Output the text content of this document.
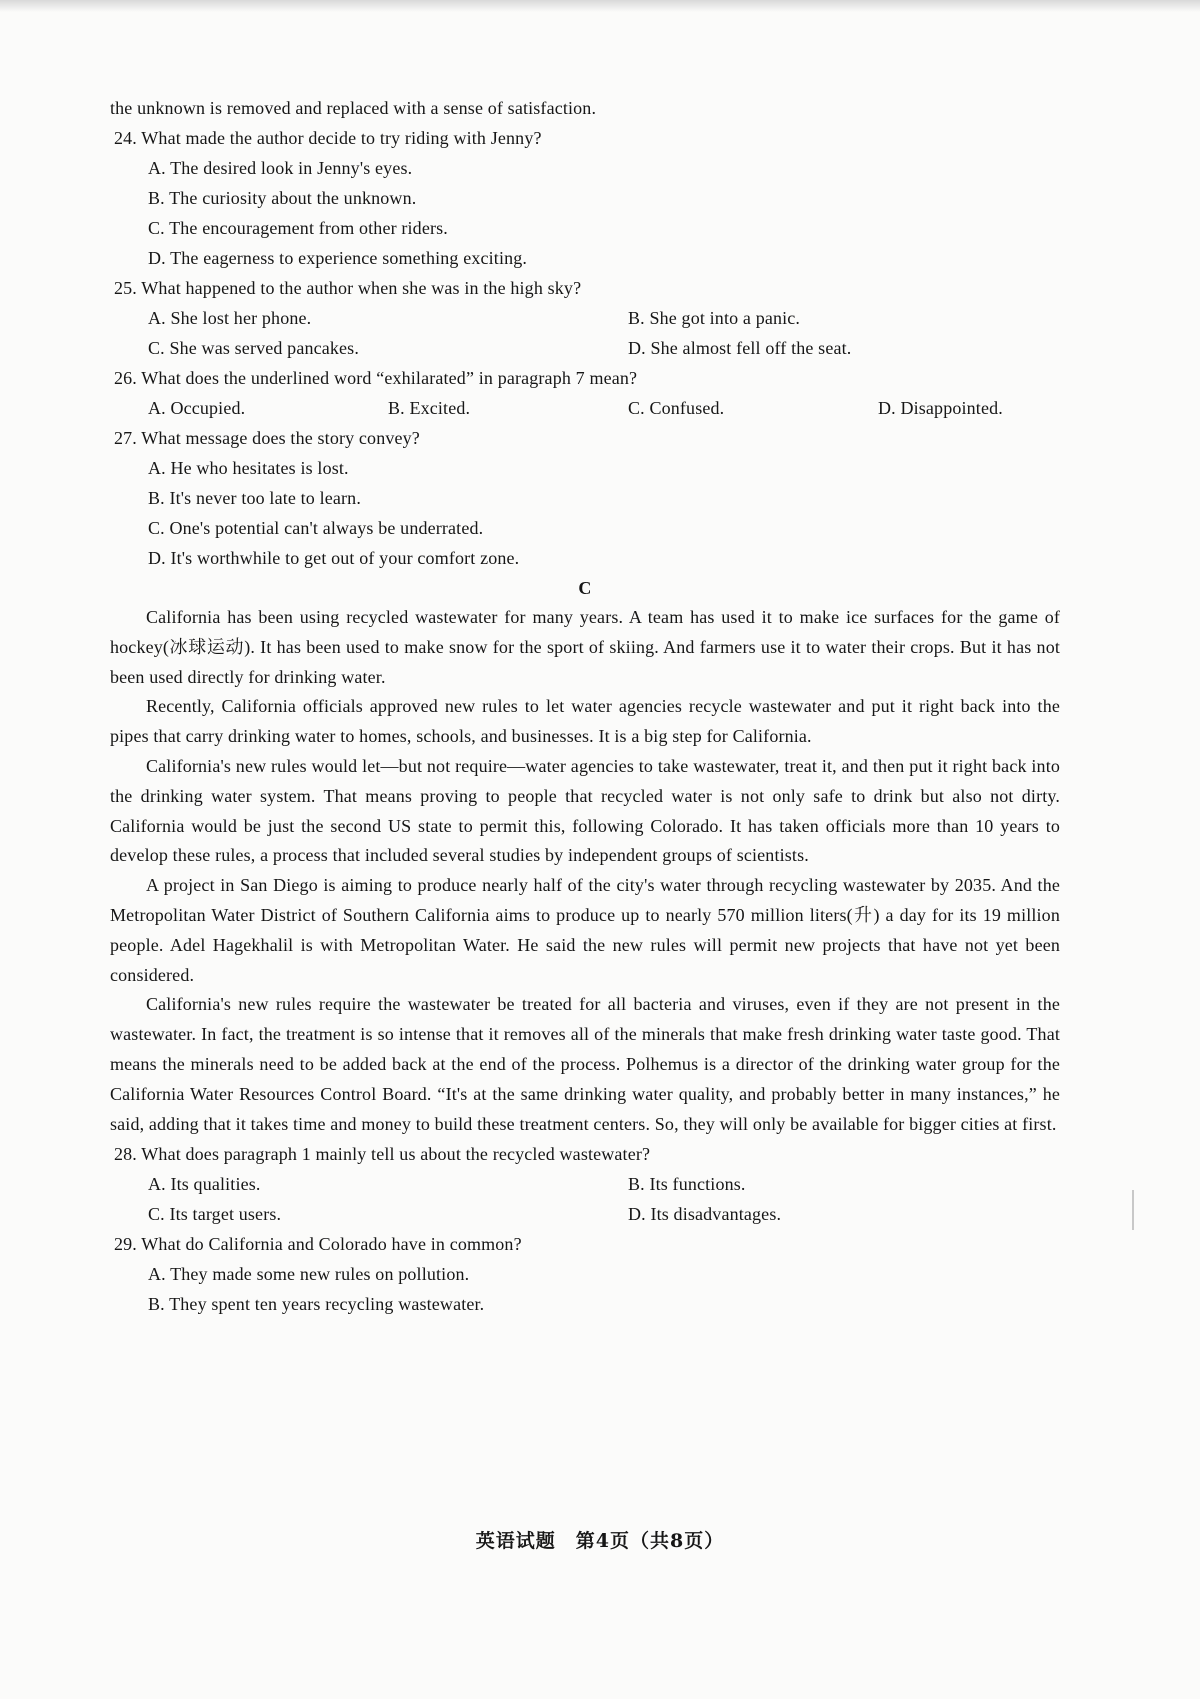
the unknown is removed and replaced with a sense of satisfaction.

24. What made the author decide to try riding with Jenny?

A. The desired look in Jenny's eyes.

B. The curiosity about the unknown.

C. The encouragement from other riders.

D. The eagerness to experience something exciting.

25. What happened to the author when she was in the high sky?

A. She lost her phone.	B. She got into a panic.
C. She was served pancakes.	D. She almost fell off the seat.

26. What does the underlined word “exhilarated” in paragraph 7 mean?

A. Occupied.	B. Excited.	C. Confused.	D. Disappointed.

27. What message does the story convey?

A. He who hesitates is lost.

B. It's never too late to learn.

C. One's potential can't always be underrated.

D. It's worthwhile to get out of your comfort zone.

C

California has been using recycled wastewater for many years. A team has used it to make ice surfaces for the game of hockey(冰球运动). It has been used to make snow for the sport of skiing. And farmers use it to water their crops. But it has not been used directly for drinking water.

Recently, California officials approved new rules to let water agencies recycle wastewater and put it right back into the pipes that carry drinking water to homes, schools, and businesses. It is a big step for California.

California's new rules would let—but not require—water agencies to take wastewater, treat it, and then put it right back into the drinking water system. That means proving to people that recycled water is not only safe to drink but also not dirty. California would be just the second US state to permit this, following Colorado. It has taken officials more than 10 years to develop these rules, a process that included several studies by independent groups of scientists.

A project in San Diego is aiming to produce nearly half of the city's water through recycling wastewater by 2035. And the Metropolitan Water District of Southern California aims to produce up to nearly 570 million liters(升) a day for its 19 million people. Adel Hagekhalil is with Metropolitan Water. He said the new rules will permit new projects that have not yet been considered.

California's new rules require the wastewater be treated for all bacteria and viruses, even if they are not present in the wastewater. In fact, the treatment is so intense that it removes all of the minerals that make fresh drinking water taste good. That means the minerals need to be added back at the end of the process. Polhemus is a director of the drinking water group for the California Water Resources Control Board. “It's at the same drinking water quality, and probably better in many instances,” he said, adding that it takes time and money to build these treatment centers. So, they will only be available for bigger cities at first.

28. What does paragraph 1 mainly tell us about the recycled wastewater?

A. Its qualities.	B. Its functions.
C. Its target users.	D. Its disadvantages.

29. What do California and Colorado have in common?

A. They made some new rules on pollution.

B. They spent ten years recycling wastewater.

英语试题　第4页（共8页）
